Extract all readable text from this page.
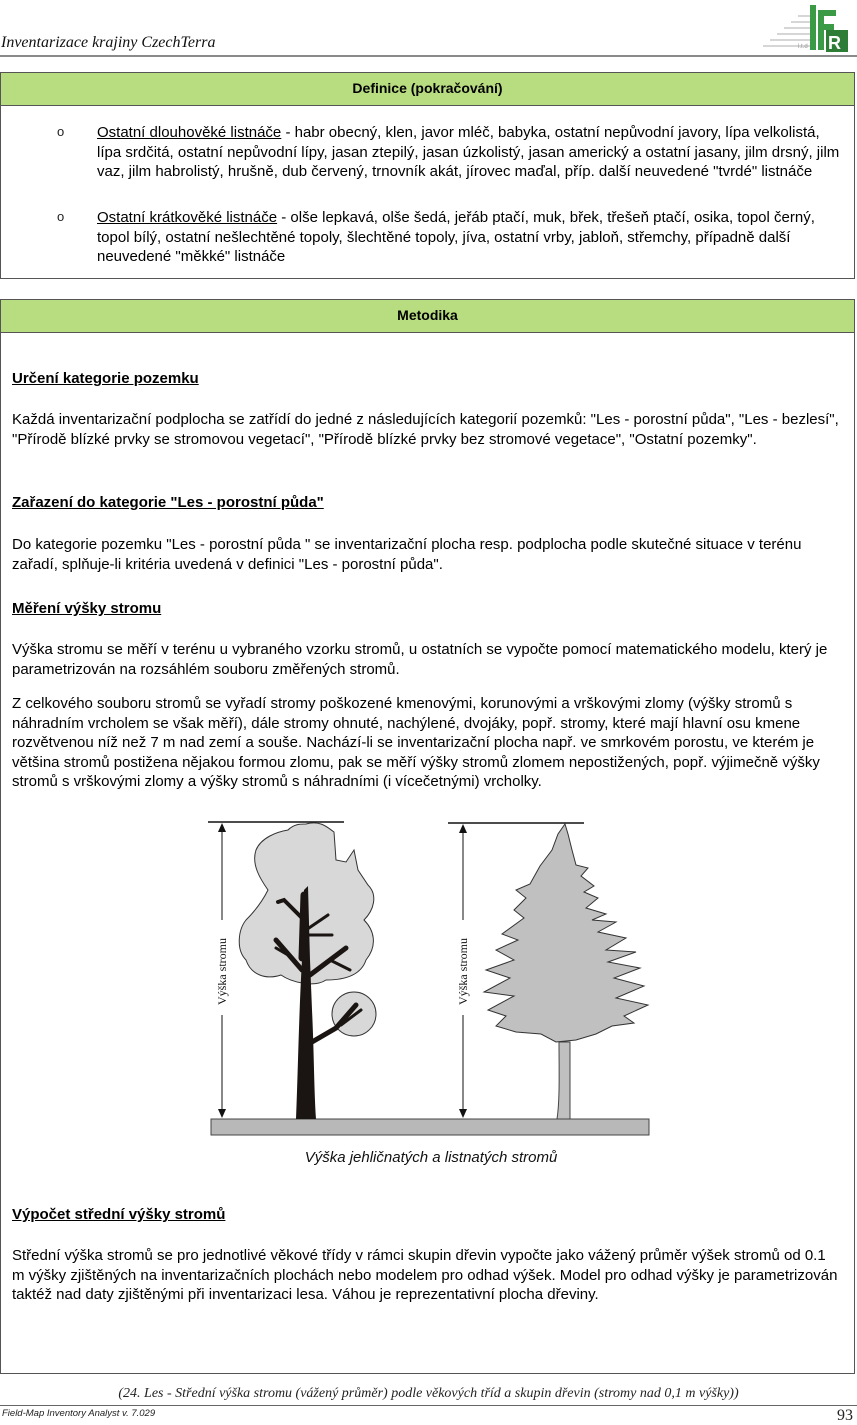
Inventarizace krajiny CzechTerra	R
l.t.d
Definice (pokračování)
o Ostatní dlouhověké listnáče - habr obecný, klen, javor mléč, babyka, ostatní nepůvodní javory, lípa velkolistá, lípa srdčitá, ostatní nepůvodní lípy, jasan ztepilý, jasan úzkolistý, jasan americký a ostatní jasany, jilm drsný, jilm vaz, jilm habrolistý, hrušně, dub červený, trnovník akát, jírovec maďal, příp. další neuvedené "tvrdé" listnáče
o Ostatní krátkověké listnáče - olše lepkavá, olše šedá, jeřáb ptačí, muk, břek, třešeň ptačí, osika, topol černý, topol bílý, ostatní nešlechtěné topoly, šlechtěné topoly, jíva, ostatní vrby, jabloň, střemchy, případně další neuvedené "měkké" listnáče
Metodika
Určení kategorie pozemku
Každá inventarizační podplocha se zatřídí do jedné z následujících kategorií pozemků: "Les - porostní půda", "Les - bezlesí", "Přírodě blízké prvky se stromovou vegetací", "Přírodě blízké prvky bez stromové vegetace", "Ostatní pozemky".
Zařazení do kategorie "Les - porostní půda"
Do kategorie pozemku "Les - porostní půda " se inventarizační plocha resp. podplocha podle skutečné situace v terénu zařadí, splňuje-li kritéria uvedená v definici "Les - porostní půda".
Měření výšky stromu
Výška stromu se měří v terénu u vybraného vzorku stromů, u ostatních se vypočte pomocí matematického modelu, který je parametrizován na rozsáhlém souboru změřených stromů.
Z celkového souboru stromů se vyřadí stromy poškozené kmenovými, korunovými a vrškovými zlomy (výšky stromů s náhradním vrcholem se však měří), dále stromy ohnuté, nachýlené, dvojáky, popř. stromy, které mají hlavní osu kmene rozvětvenou níž než 7 m nad zemí a souše. Nachází-li se inventarizační plocha např. ve smrkovém porostu, ve kterém je většina stromů postižena nějakou formou zlomu, pak se měří výšky stromů zlomem nepostižených, popř. výjimečně výšky stromů s vrškovými zlomy a výšky stromů s náhradními (i vícečetnými) vrcholky.
Výška stromu	Výška stromu
Výška jehličnatých a listnatých stromů
Výpočet střední výšky stromů
Střední výška stromů se pro jednotlivé věkové třídy v rámci skupin dřevin vypočte jako vážený průměr výšek stromů od 0.1 m výšky zjištěných na inventarizačních plochách nebo modelem pro odhad výšek. Model pro odhad výšky je parametrizován taktéž nad daty zjištěnými při inventarizaci lesa. Váhou je reprezentativní plocha dřeviny.
(24. Les - Střední výška stromu (vážený průměr) podle věkových tříd a skupin dřevin (stromy nad 0,1 m výšky))
Field-Map Inventory Analyst v. 7.029	93
